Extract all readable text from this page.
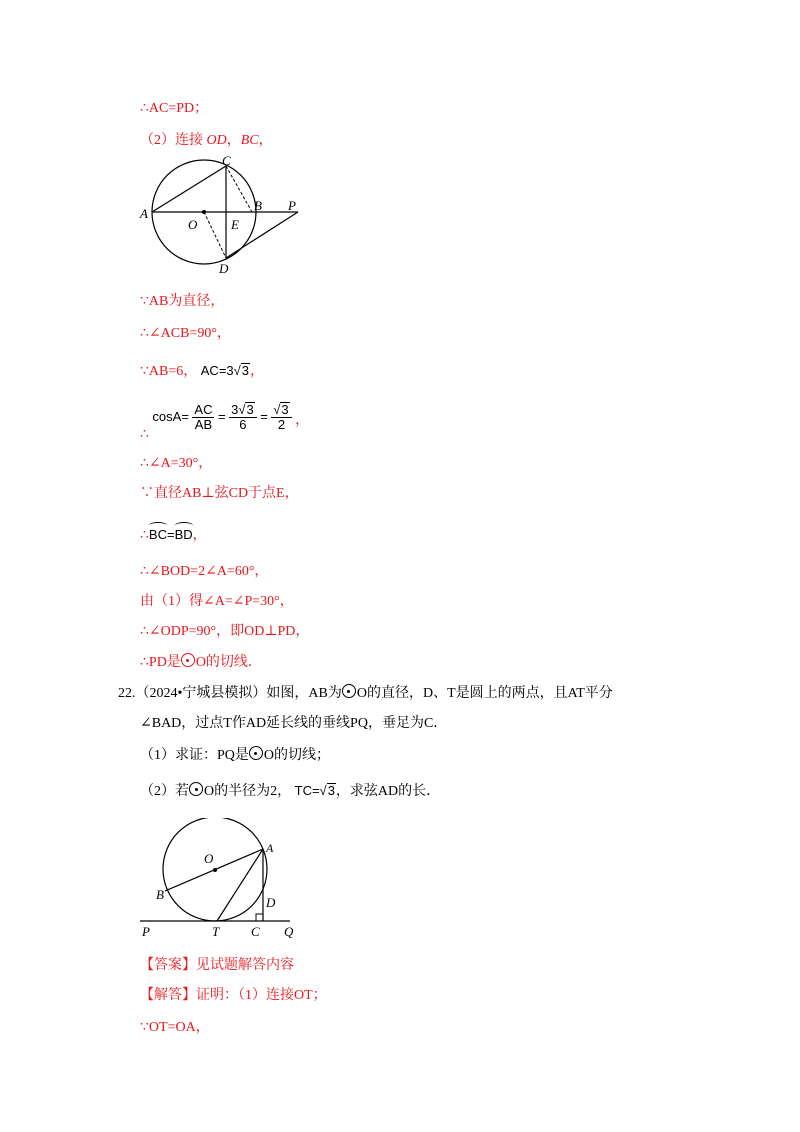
∴AC=PD；
（2）连接 OD，BC，
A
C
B P
O	E
D
∵AB为直径，
∴∠ACB=90°，
∵AB=6， AC=3√3，
∴ $\cos A= \frac{AC}{AB} = \frac{3√3}{6} = \frac{√3}{2}$ ，
∴∠A=30°，
∵直径AB⊥弦CD于点E，
∴BC=BD，
∴∠BOD=2∠A=60°，
由（1）得∠A=∠P=30°，
∴∠ODP=90°，即OD⊥PD，
∴PD是 O的切线．
22.（2024•宁城县模拟）如图，AB为 O的直径，D、T是圆上的两点，且AT平分
∠BAD，过点T作AD延长线的垂线PQ，垂足为C．
（1）求证：PQ是 O的切线；
（2）若 O的半径为2， TC=√3，求弦AD的长．
O
A
B
D
P	T C Q
【答案】见试题解答内容
【解答】证明：（1）连接OT；
∵OT=OA，
